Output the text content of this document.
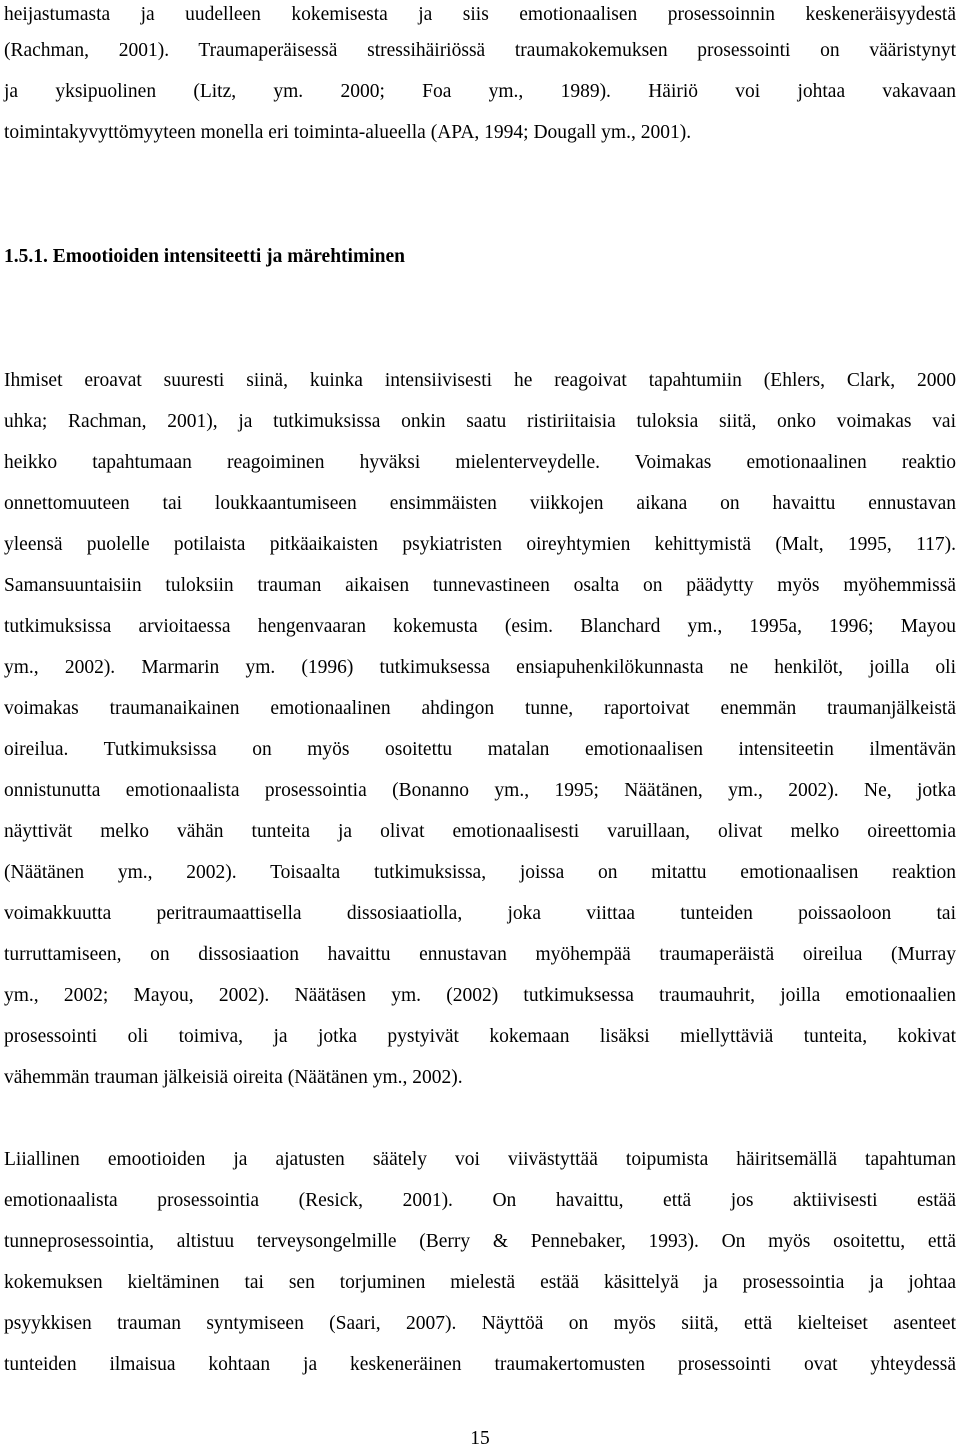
heijastumasta ja uudelleen kokemisesta ja siis emotionaalisen prosessoinnin keskeneräisyydestä
(Rachman, 2001). Traumaperäisessä stressihäiriössä traumakokemuksen prosessointi on vääristynyt
ja yksipuolinen (Litz, ym. 2000; Foa ym., 1989). Häiriö voi johtaa vakavaan
toimintakyvyttömyyteen monella eri toiminta-alueella (APA, 1994; Dougall ym., 2001).
1.5.1. Emootioiden intensiteetti ja märehtiminen
Ihmiset eroavat suuresti siinä, kuinka intensiivisesti he reagoivat tapahtumiin (Ehlers, Clark, 2000
uhka; Rachman, 2001), ja tutkimuksissa onkin saatu ristiriitaisia tuloksia siitä, onko voimakas vai
heikko tapahtumaan reagoiminen hyväksi mielenterveydelle. Voimakas emotionaalinen reaktio
onnettomuuteen tai loukkaantumiseen ensimmäisten viikkojen aikana on havaittu ennustavan
yleensä puolelle potilaista pitkäaikaisten psykiatristen oireyhtymien kehittymistä (Malt, 1995, 117).
Samansuuntaisiin tuloksiin trauman aikaisen tunnevastineen osalta on päädytty myös myöhemmissä
tutkimuksissa arvioitaessa hengenvaaran kokemusta (esim. Blanchard ym., 1995a, 1996; Mayou
ym., 2002). Marmarin ym. (1996) tutkimuksessa ensiapuhenkilökunnasta ne henkilöt, joilla oli
voimakas traumanaikainen emotionaalinen ahdingon tunne, raportoivat enemmän traumanjälkeistä
oireilua. Tutkimuksissa on myös osoitettu matalan emotionaalisen intensiteetin ilmentävän
onnistunutta emotionaalista prosessointia (Bonanno ym., 1995; Näätänen, ym., 2002). Ne, jotka
näyttivät melko vähän tunteita ja olivat emotionaalisesti varuillaan, olivat melko oireettomia
(Näätänen ym., 2002). Toisaalta tutkimuksissa, joissa on mitattu emotionaalisen reaktion
voimakkuutta peritraumaattisella dissosiaatiolla, joka viittaa tunteiden poissaoloon tai
turruttamiseen, on dissosiaation havaittu ennustavan myöhempää traumaperäistä oireilua (Murray
ym., 2002; Mayou, 2002). Näätäsen ym. (2002) tutkimuksessa traumauhrit, joilla emotionaalien
prosessointi oli toimiva, ja jotka pystyivät kokemaan lisäksi miellyttäviä tunteita, kokivat
vähemmän trauman jälkeisiä oireita (Näätänen ym., 2002).
Liiallinen emootioiden ja ajatusten säätely voi viivästyttää toipumista häiritsemällä tapahtuman
emotionaalista prosessointia (Resick, 2001). On havaittu, että jos aktiivisesti estää
tunneprosessointia, altistuu terveysongelmille (Berry & Pennebaker, 1993). On myös osoitettu, että
kokemuksen kieltäminen tai sen torjuminen mielestä estää käsittelyä ja prosessointia ja johtaa
psyykkisen trauman syntymiseen (Saari, 2007). Näyttöä on myös siitä, että kielteiset asenteet
tunteiden ilmaisua kohtaan ja keskeneräinen traumakertomusten prosessointi ovat yhteydessä
15
